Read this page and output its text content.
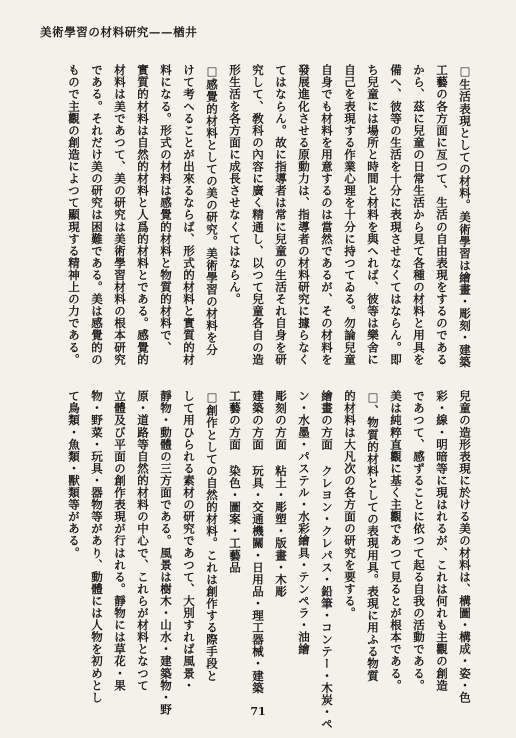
美術學習の材料研究——楢井
□生活表現としての材料。美術學習は繪畫・彫刻・建築
工藝の各方面に亙つて、生活の自由表現をするのである
から、茲に兒童の日常生活から見て各種の材料と用具を
備へ、彼等の生活を十分に表現させなくてはならん。即
ち兒童には場所と時間と材料を與へれば、彼等は樂舍に
自己を表現する作業心理を十分に持つてゐる。勿論兒童
自身でも材料を用意するのは當然であるが、その材料を
發展進化させる原動力は、指導者の材料研究に據らなく
てはならん。故に指導者は常に兒童の生活それ自身を研
究して、敎科の內容に廣く精通し、以つて兒童各自の造
形生活を各方面に成長させなくてはならん。
□感覺的材料としての美の研究。美術學習の材料を分
けて考へることが出來るならば、形式的材料と實質的材
料になる。形式の材料は感覺的材料と物質的材料で、
實質的材料は自然的材料と人爲的材料とである。感覺的
材料は美であつて、美の研究は美術學習材料の根本研究
である。それだけ美の研究は困難である。美は感覺的の
もので主觀の創造によつて顯現する精神上の力である。
兒童の造形表現に於ける美の材料は、構圖・構成・姿・色
彩・線・明暗等に現はれるが、これは何れも主觀の創造
であつて、感ずることに依つて起る自我の活動である。
美は純粹直觀に基く主觀であつて見るとが根本である。
□、物質的材料としての表現用具。表現に用ふる物質
的材料は大凡次の各方面の研究を要する。
繪畫の方面 クレヨン・クレパス・鉛筆・コンテー・木炭・ペ
ン・水墨・パステル・水彩繪具・テンペラ・油繪
彫刻の方面 粘土・彫塑・版畫・木彫
建築の方面 玩具・交通機關・日用品・理工器械・建築
工藝の方面 染色・圖案・工藝品
□創作としての自然的材料。これは創作する際手段と
して用ひられる素材の研究であつて、大別すれば風景・
靜物・動體の三方面である。風景は樹木・山水・建築物・野
原・道路等自然的材料の中心で、これらが材料となつて
立體及び平面の創作表現が行はれる。靜物には草花・果
物・野菜・玩具・器物等があり、動體には人物を初めとし
て鳥類・魚類・獸類等がある。
71
